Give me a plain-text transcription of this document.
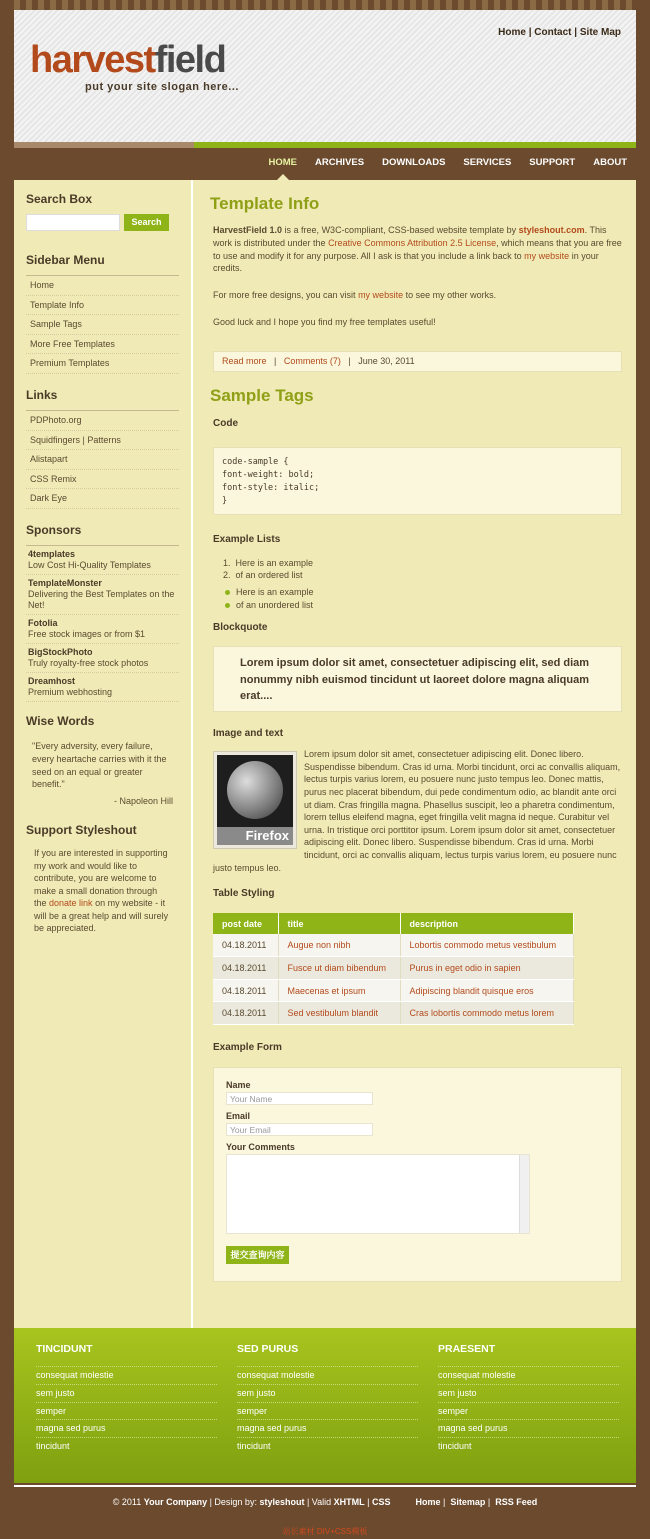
harvestfield
put your site slogan here...
Home | Contact | Site Map
HOME	ARCHIVES	DOWNLOADS	SERVICES	SUPPORT	ABOUT
Search Box
Search
Sidebar Menu
Home
Template Info
Sample Tags
More Free Templates
Premium Templates
Links
PDPhoto.org
Squidfingers | Patterns
Alistapart
CSS Remix
Dark Eye
Sponsors
4templates
Low Cost Hi-Quality Templates
TemplateMonster
Delivering the Best Templates on the Net!
Fotolia
Free stock images or from $1
BigStockPhoto
Truly royalty-free stock photos
Dreamhost
Premium webhosting
Wise Words
"Every adversity, every failure, every heartache carries with it the seed on an equal or greater benefit."
- Napoleon Hill
Support Styleshout
If you are interested in supporting my work and would like to contribute, you are welcome to make a small donation through the donate link on my website - it will be a great help and will surely be appreciated.
Template Info

HarvestField 1.0 is a free, W3C-compliant, CSS-based website template by styleshout.com. This work is distributed under the Creative Commons Attribution 2.5 License, which means that you are free to use and modify it for any purpose. All I ask is that you include a link back to my website in your credits.

For more free designs, you can visit my website to see my other works.

Good luck and I hope you find my free templates useful!

Read more   |   Comments (7)   |   June 30, 2011
Sample Tags
Code
code-sample {
font-weight: bold;
font-style: italic;
}
Example Lists
1.  Here is an example
2.  of an ordered list
Here is an example
of an unordered list
Blockquote
Lorem ipsum dolor sit amet, consectetuer adipiscing elit, sed diam nonummy nibh euismod tincidunt ut laoreet dolore magna aliquam erat....
Image and text
Firefox
Lorem ipsum dolor sit amet, consectetuer adipiscing elit. Donec libero. Suspendisse bibendum. Cras id urna. Morbi tincidunt, orci ac convallis aliquam, lectus turpis varius lorem, eu posuere nunc justo tempus leo. Donec mattis, purus nec placerat bibendum, dui pede condimentum odio, ac blandit ante orci ut diam. Cras fringilla magna. Phasellus suscipit, leo a pharetra condimentum, lorem tellus eleifend magna, eget fringilla velit magna id neque. Curabitur vel urna. In tristique orci porttitor ipsum. Lorem ipsum dolor sit amet, consectetuer adipiscing elit. Donec libero. Suspendisse bibendum. Cras id urna. Morbi tincidunt, orci ac convallis aliquam, lectus turpis varius lorem, eu posuere nunc justo tempus leo.
Table Styling
post date	title	description
04.18.2011	Augue non nibh	Lobortis commodo metus vestibulum
04.18.2011	Fusce ut diam bibendum	Purus in eget odio in sapien
04.18.2011	Maecenas et ipsum	Adipiscing blandit quisque eros
04.18.2011	Sed vestibulum blandit	Cras lobortis commodo metus lorem
Example Form
Name
Your Name
Email
Your Email
Your Comments
提交查询内容
TINCIDUNT
consequat molestie
sem justo
semper
magna sed purus
tincidunt
SED PURUS
consequat molestie
sem justo
semper
magna sed purus
tincidunt
PRAESENT
consequat molestie
sem justo
semper
magna sed purus
tincidunt
© 2011 Your Company | Design by: styleshout | Valid XHTML | CSS	Home |  Sitemap |  RSS Feed
站长素材 DIV+CSS模板
